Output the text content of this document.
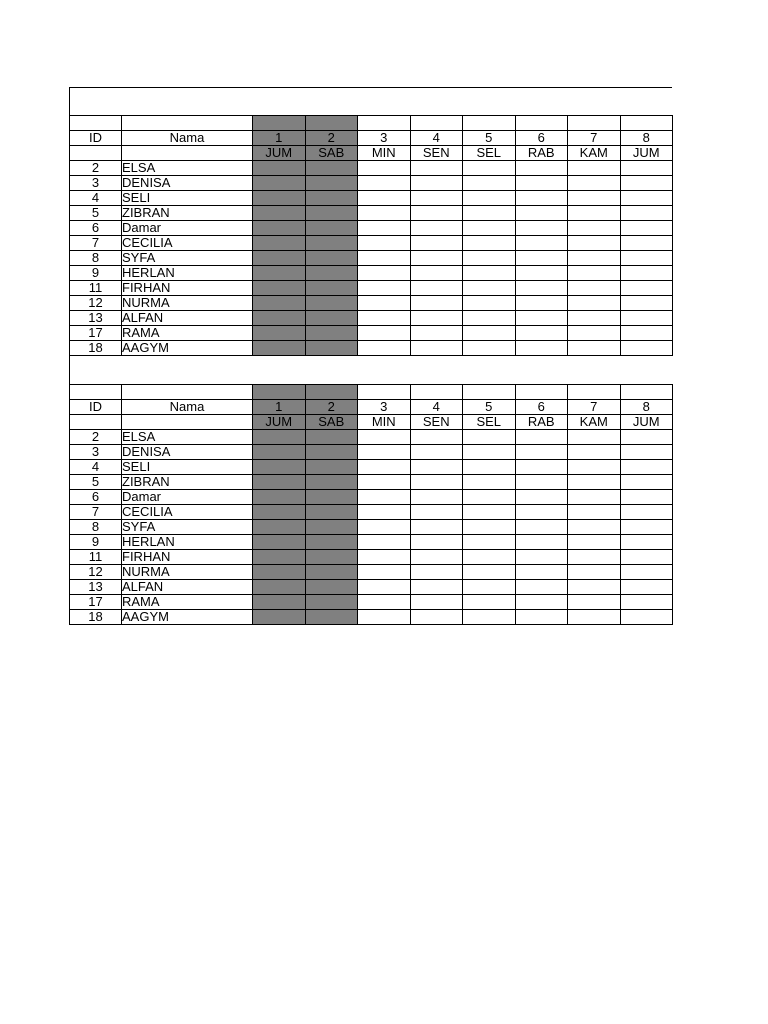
ID	Nama	1	2	3	4	5	6	7	8
		JUM	SAB	MIN	SEN	SEL	RAB	KAM	JUM
2	ELSA								
3	DENISA								
4	SELI								
5	ZIBRAN								
6	Damar								
7	CECILIA								
8	SYFA								
9	HERLAN								
11	FIRHAN								
12	NURMA								
13	ALFAN								
17	RAMA								
18	AAGYM								

ID	Nama	1	2	3	4	5	6	7	8
		JUM	SAB	MIN	SEN	SEL	RAB	KAM	JUM
2	ELSA								
3	DENISA								
4	SELI								
5	ZIBRAN								
6	Damar								
7	CECILIA								
8	SYFA								
9	HERLAN								
11	FIRHAN								
12	NURMA								
13	ALFAN								
17	RAMA								
18	AAGYM								
